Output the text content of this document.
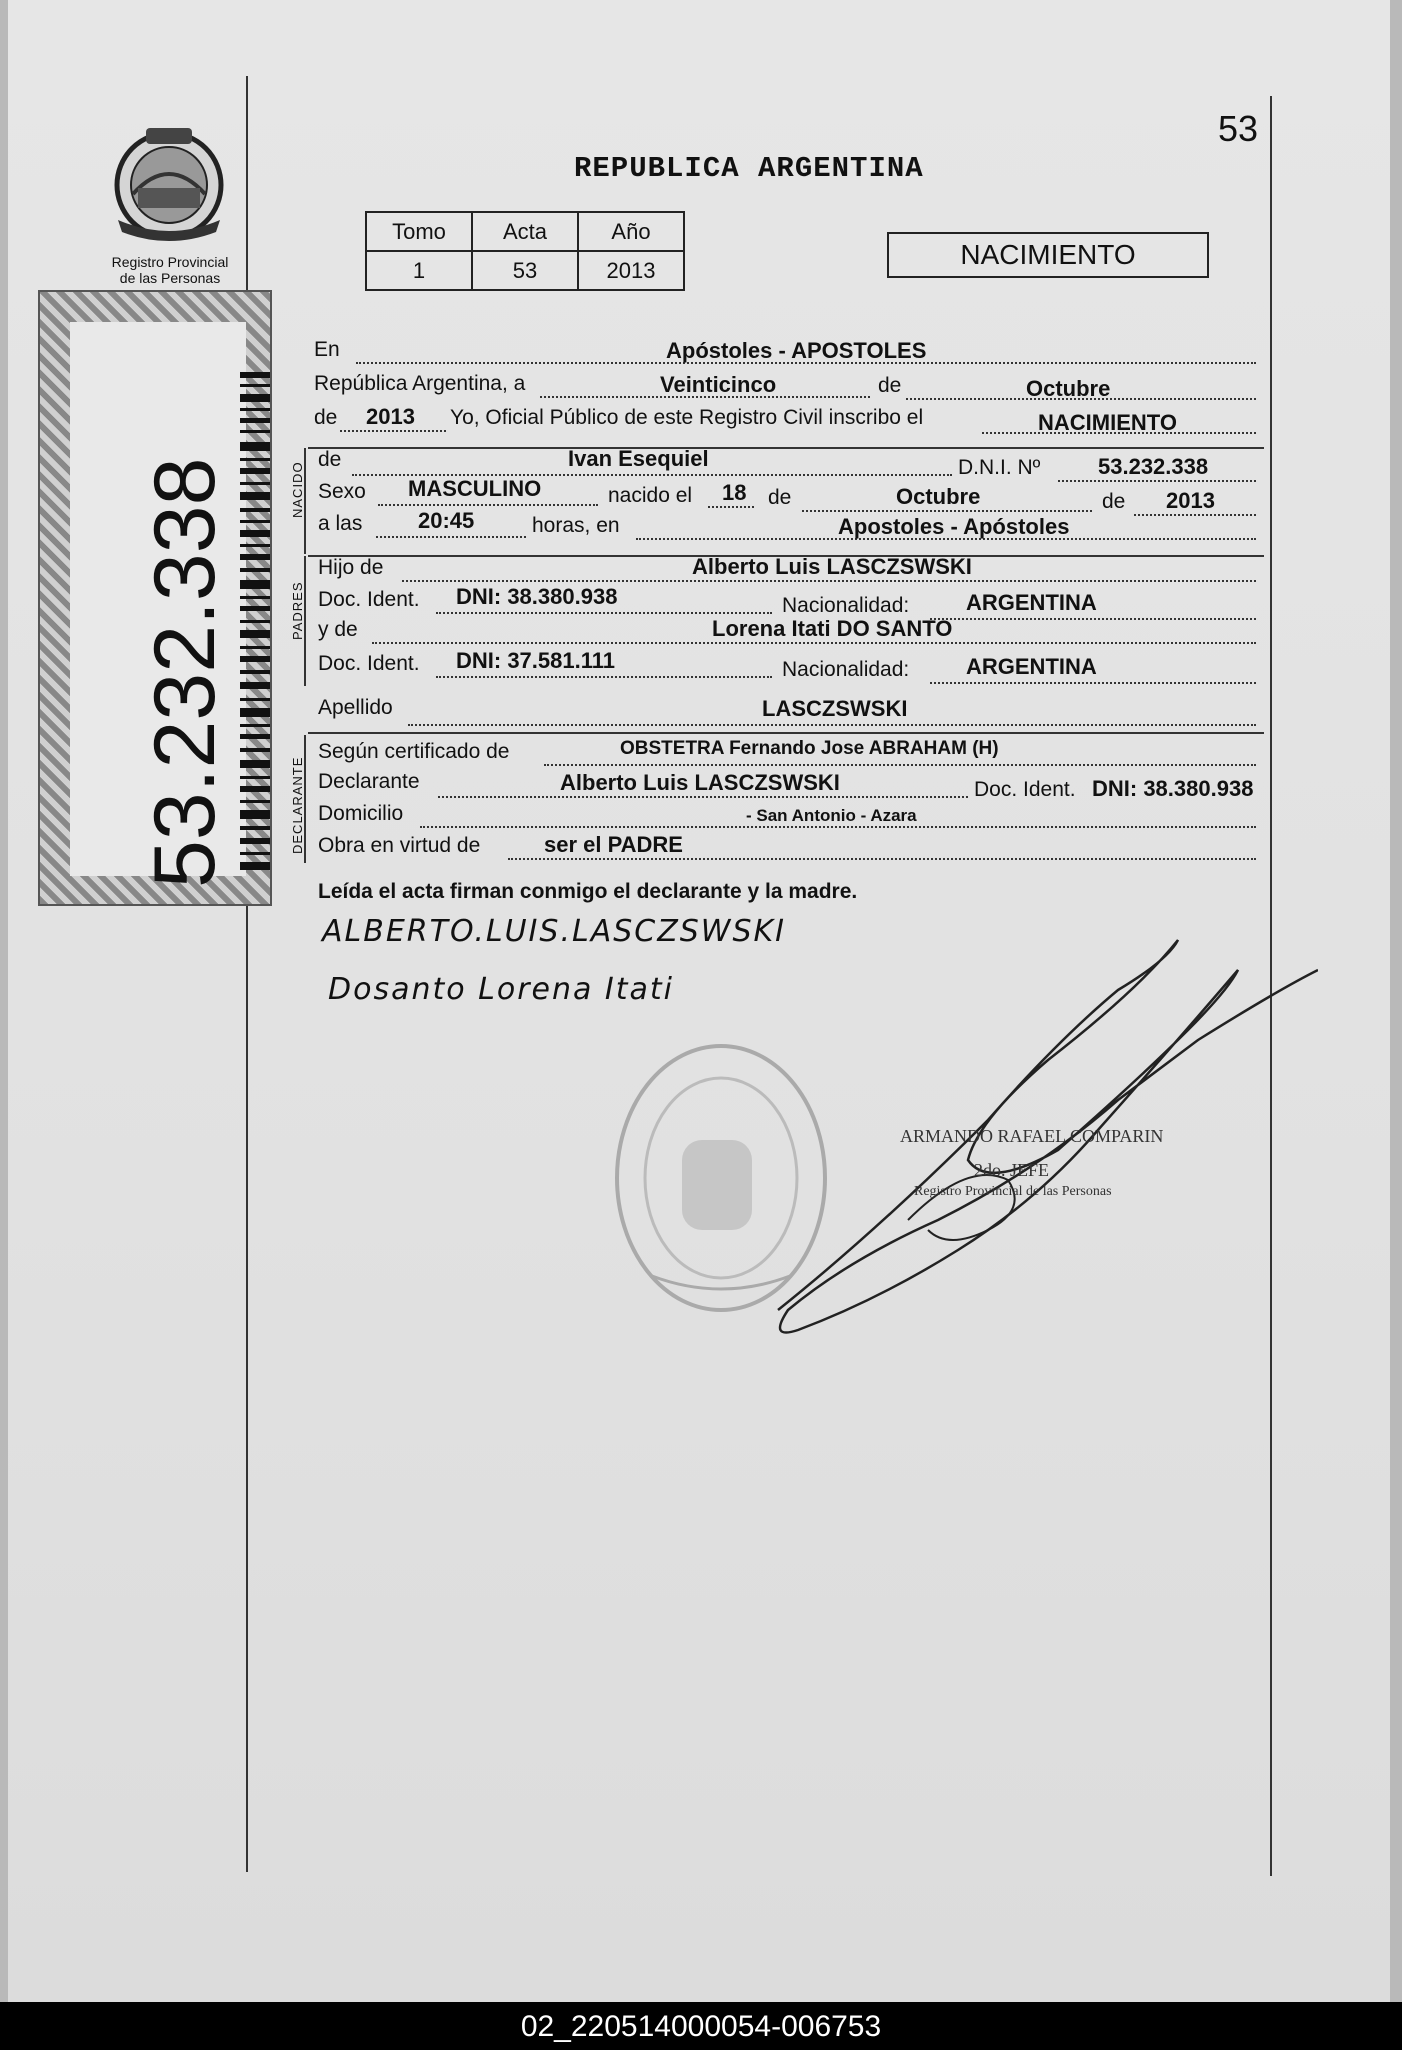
53
REPUBLICA ARGENTINA
Registro Provincial
de las Personas
53.232.338
Tomo	Acta	Año
1	53	2013	NACIMIENTO
NACIDO
PADRES
DECLARANTE
En	Apóstoles - APOSTOLES
República Argentina, a	Veinticinco	de	Octubre
de 2013 Yo, Oficial Público de este Registro Civil inscribo el	NACIMIENTO
de	Ivan Esequiel	D.N.I. Nº	53.232.338
Sexo MASCULINO	nacido el 18 de	Octubre	de 2013
a las	20:45	horas, en	Apostoles - Apóstoles
Hijo de	Alberto Luis LASCZSWSKI
Doc. Ident. DNI: 38.380.938	Nacionalidad:	ARGENTINA
y de	Lorena Itati DO SANTO
Doc. Ident. DNI: 37.581.111	Nacionalidad:	ARGENTINA
Apellido	LASCZSWSKI
Según certificado de	OBSTETRA Fernando Jose ABRAHAM (H)
Declarante	Alberto Luis LASCZSWSKI	Doc. Ident. DNI: 38.380.938
Domicilio	- San Antonio - Azara
Obra en virtud de	ser el PADRE
Leída el acta firman conmigo el declarante y la madre.
ALBERTO.LUIS.LASCZSWSKI
Dosanto Lorena Itati
ARMANDO RAFAEL COMPARIN
2do. JEFE
Registro Provincial de las Personas
02_220514000054-006753
